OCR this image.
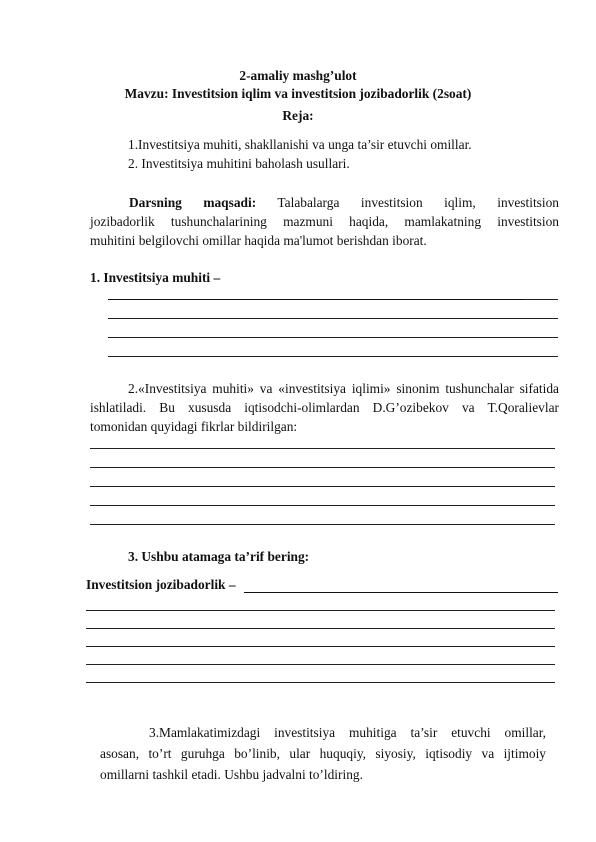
2-amaliy mashg’ulot
Mavzu: Investitsion iqlim va investitsion jozibadorlik (2soat)
Reja:
1.Investitsiya muhiti, shakllanishi va unga ta’sir etuvchi omillar.
2. Investitsiya muhitini baholash usullari.
Darsning maqsadi: Talabalarga investitsion iqlim, investitsion
jozibadorlik tushunchalarining mazmuni haqida, mamlakatning investitsion
muhitini belgilovchi omillar haqida ma'lumot berishdan iborat.
1. Investitsiya muhiti –
2.«Investitsiya muhiti» va «investitsiya iqlimi» sinonim tushunchalar sifatida
ishlatiladi. Bu xususda iqtisodchi-olimlardan D.G’ozibekov va T.Qoralievlar
tomonidan quyidagi fikrlar bildirilgan:
3. Ushbu atamaga ta’rif bering:
Investitsion jozibadorlik –
3.Mamlakatimizdagi investitsiya muhitiga ta’sir etuvchi omillar,
asosan, to’rt guruhga bo’linib, ular huquqiy, siyosiy, iqtisodiy va ijtimoiy
omillarni tashkil etadi. Ushbu jadvalni to’ldiring.
